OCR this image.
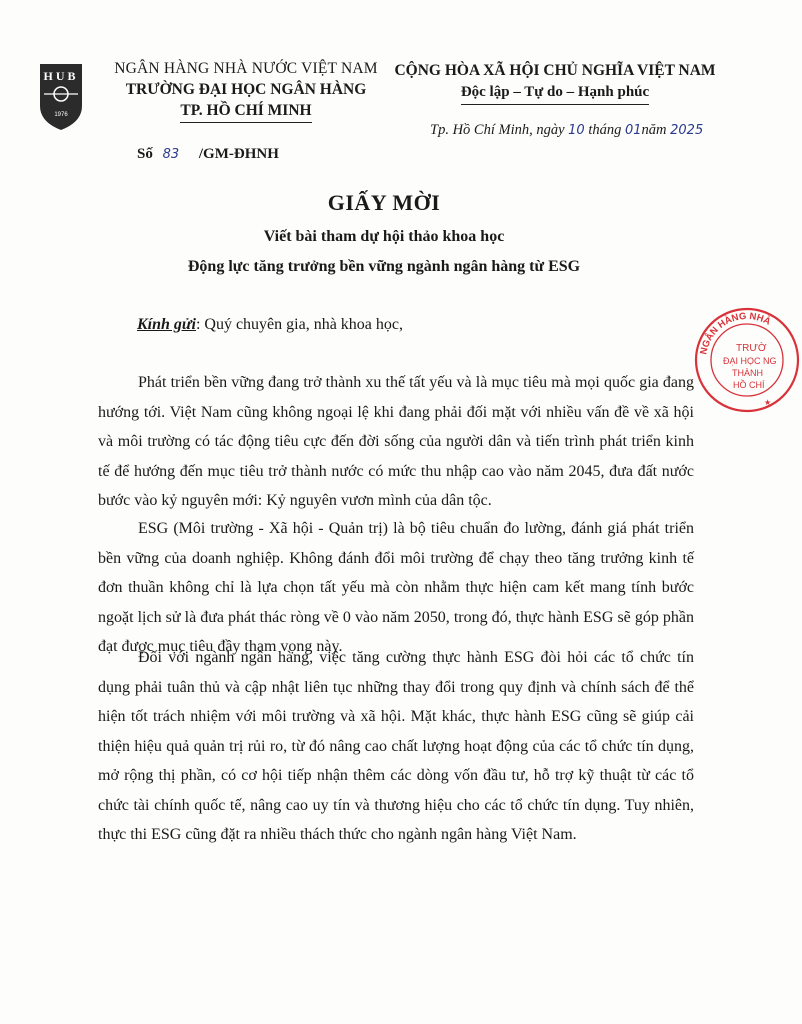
HUB
1976
NGÂN HÀNG NHÀ NƯỚC VIỆT NAM
TRƯỜNG ĐẠI HỌC NGÂN HÀNG
TP. HỒ CHÍ MINH
CỘNG HÒA XÃ HỘI CHỦ NGHĨA VIỆT NAM
Độc lập – Tự do – Hạnh phúc
Tp. Hồ Chí Minh, ngày 10 tháng 01năm 2025
Số 83 /GM-ĐHNH
GIẤY MỜI
Viết bài tham dự hội thảo khoa học
Động lực tăng trưởng bền vững ngành ngân hàng từ ESG
Kính gửi: Quý chuyên gia, nhà khoa học,

Phát triển bền vững đang trở thành xu thế tất yếu và là mục tiêu mà mọi quốc gia đang hướng tới. Việt Nam cũng không ngoại lệ khi đang phải đối mặt với nhiều vấn đề về xã hội và môi trường có tác động tiêu cực đến đời sống của người dân và tiến trình phát triển kinh tế để hướng đến mục tiêu trở thành nước có mức thu nhập cao vào năm 2045, đưa đất nước bước vào kỷ nguyên mới: Kỷ nguyên vươn mình của dân tộc.

ESG (Môi trường - Xã hội - Quản trị) là bộ tiêu chuẩn đo lường, đánh giá phát triển bền vững của doanh nghiệp. Không đánh đổi môi trường để chạy theo tăng trưởng kinh tế đơn thuần không chỉ là lựa chọn tất yếu mà còn nhằm thực hiện cam kết mang tính bước ngoặt lịch sử là đưa phát thác ròng về 0 vào năm 2050, trong đó, thực hành ESG sẽ góp phần đạt được mục tiêu đầy tham vọng này.

Đối với ngành ngân hàng, việc tăng cường thực hành ESG đòi hỏi các tổ chức tín dụng phải tuân thủ và cập nhật liên tục những thay đổi trong quy định và chính sách để thể hiện tốt trách nhiệm với môi trường và xã hội. Mặt khác, thực hành ESG cũng sẽ giúp cải thiện hiệu quả quản trị rủi ro, từ đó nâng cao chất lượng hoạt động của các tổ chức tín dụng, mở rộng thị phần, có cơ hội tiếp nhận thêm các dòng vốn đầu tư, hỗ trợ kỹ thuật từ các tổ chức tài chính quốc tế, nâng cao uy tín và thương hiệu cho các tổ chức tín dụng. Tuy nhiên, thực thi ESG cũng đặt ra nhiều thách thức cho ngành ngân hàng Việt Nam.

NGÂN HÀNG NHÀ
TRƯỜ
ĐẠI HỌC NG
THÀNH
HỒ CHÍ
★
